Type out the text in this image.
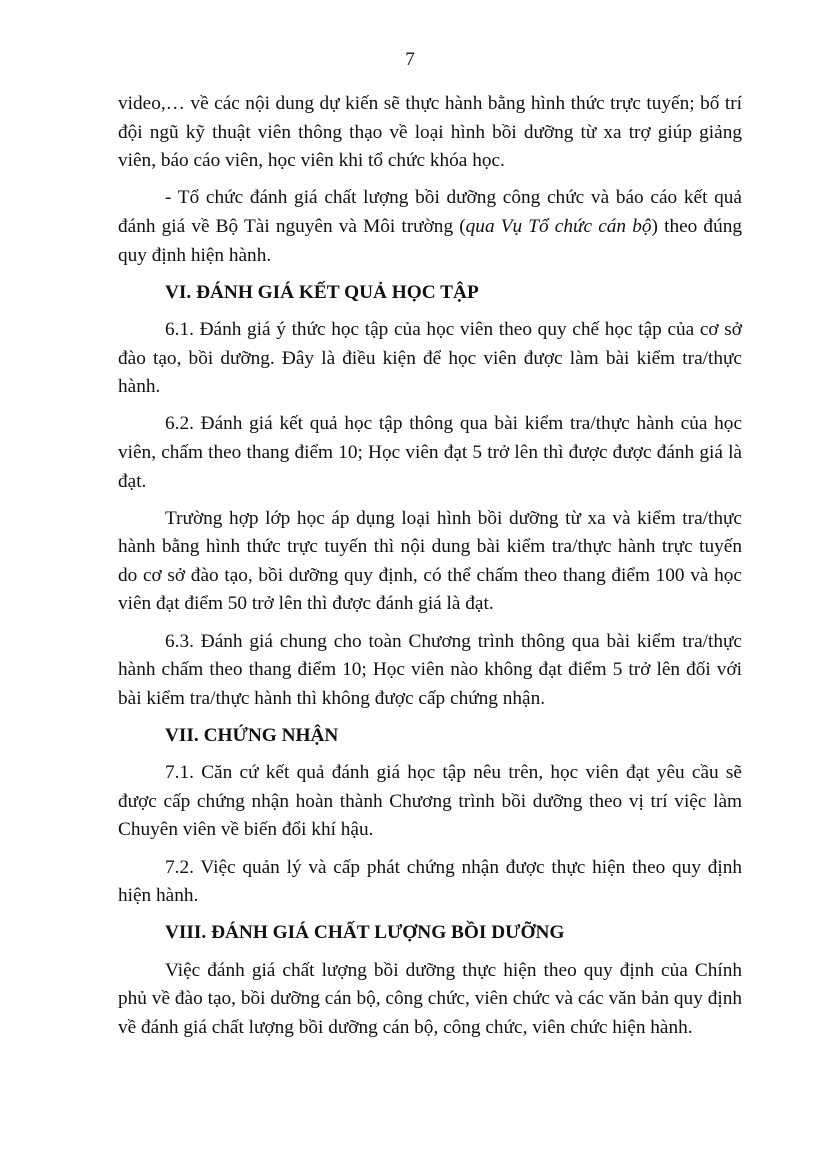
7

video,… về các nội dung dự kiến sẽ thực hành bằng hình thức trực tuyến; bố trí đội ngũ kỹ thuật viên thông thạo về loại hình bồi dưỡng từ xa trợ giúp giảng viên, báo cáo viên, học viên khi tổ chức khóa học.

- Tổ chức đánh giá chất lượng bồi dưỡng công chức và báo cáo kết quả đánh giá về Bộ Tài nguyên và Môi trường (qua Vụ Tổ chức cán bộ) theo đúng quy định hiện hành.

VI. ĐÁNH GIÁ KẾT QUẢ HỌC TẬP

6.1. Đánh giá ý thức học tập của học viên theo quy chế học tập của cơ sở đào tạo, bồi dưỡng. Đây là điều kiện để học viên được làm bài kiểm tra/thực hành.

6.2. Đánh giá kết quả học tập thông qua bài kiểm tra/thực hành của học viên, chấm theo thang điểm 10; Học viên đạt 5 trở lên thì được được đánh giá là đạt.

Trường hợp lớp học áp dụng loại hình bồi dưỡng từ xa và kiểm tra/thực hành bằng hình thức trực tuyến thì nội dung bài kiểm tra/thực hành trực tuyến do cơ sở đào tạo, bồi dưỡng quy định, có thể chấm theo thang điểm 100 và học viên đạt điểm 50 trở lên thì được đánh giá là đạt.

6.3. Đánh giá chung cho toàn Chương trình thông qua bài kiểm tra/thực hành chấm theo thang điểm 10; Học viên nào không đạt điểm 5 trở lên đối với bài kiểm tra/thực hành thì không được cấp chứng nhận.

VII. CHỨNG NHẬN

7.1. Căn cứ kết quả đánh giá học tập nêu trên, học viên đạt yêu cầu sẽ được cấp chứng nhận hoàn thành Chương trình bồi dưỡng theo vị trí việc làm Chuyên viên về biến đổi khí hậu.

7.2. Việc quản lý và cấp phát chứng nhận được thực hiện theo quy định hiện hành.

VIII. ĐÁNH GIÁ CHẤT LƯỢNG BỒI DƯỠNG

Việc đánh giá chất lượng bồi dưỡng thực hiện theo quy định của Chính phủ về đào tạo, bồi dưỡng cán bộ, công chức, viên chức và các văn bản quy định về đánh giá chất lượng bồi dưỡng cán bộ, công chức, viên chức hiện hành.
